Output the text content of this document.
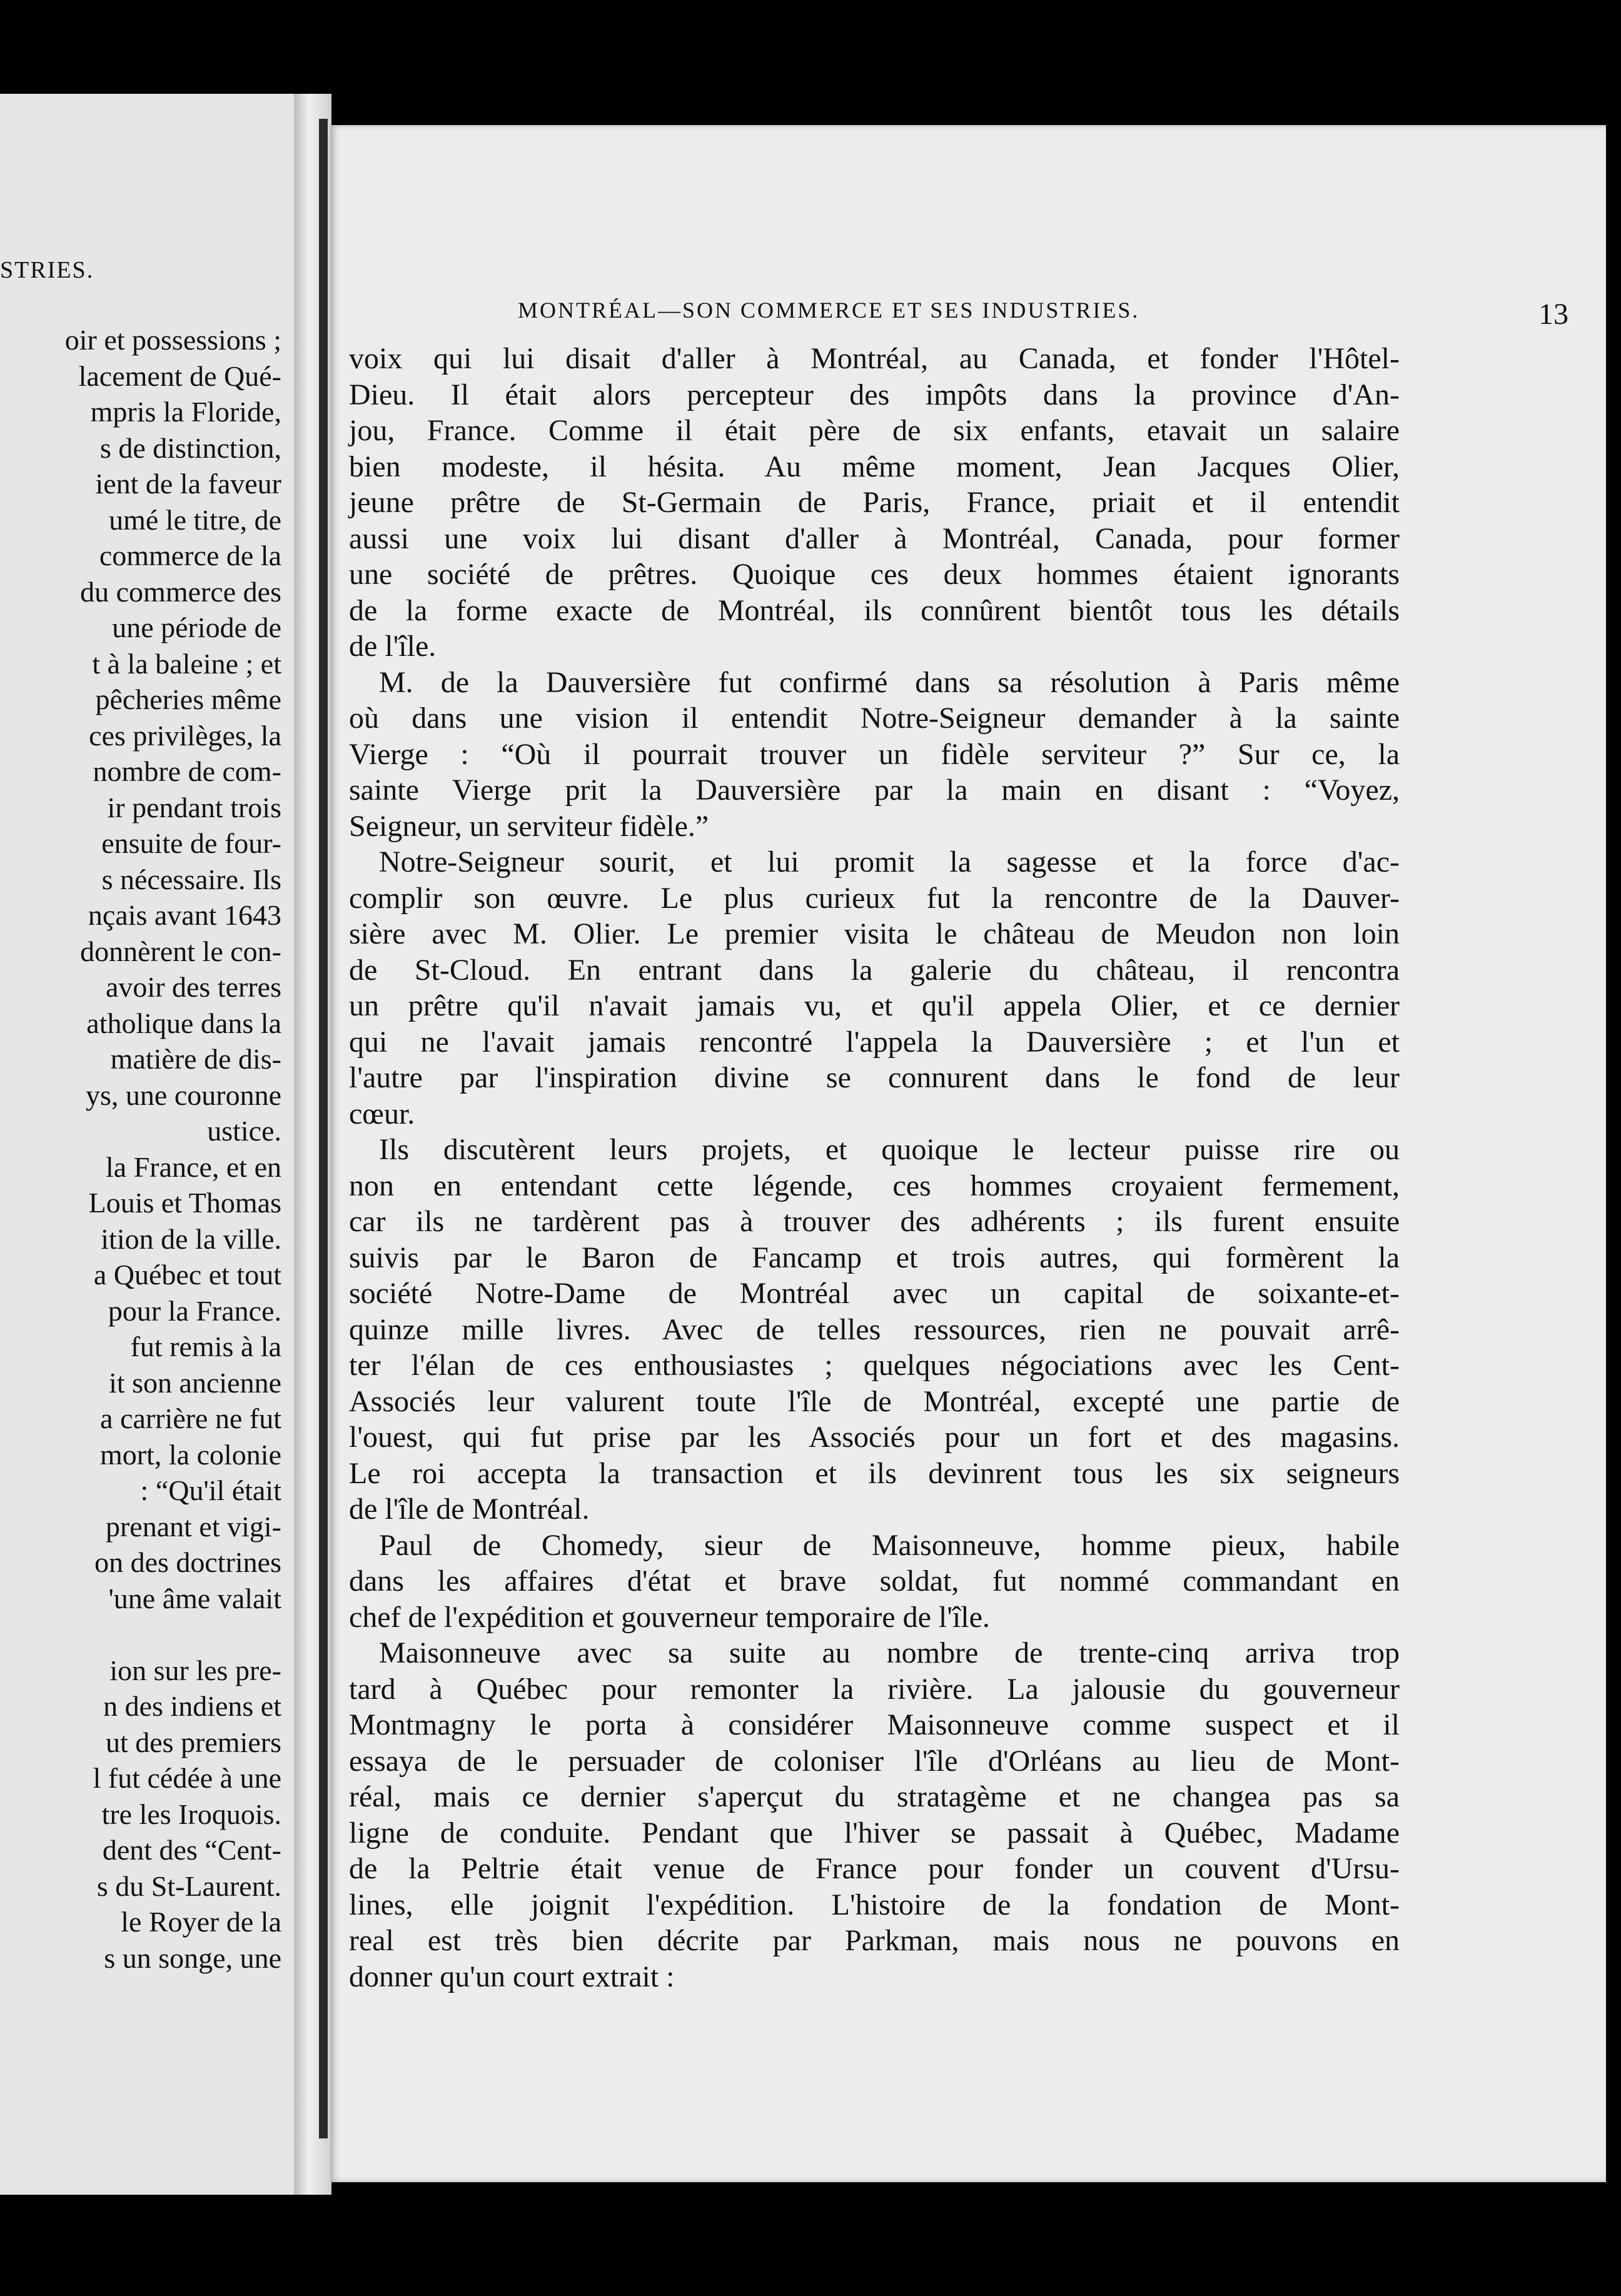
STRIES.
oir et possessions ;
lacement de Qué-
mpris la Floride,
s de distinction,
ient de la faveur
umé le titre, de
commerce de la
du commerce des
une période de
t à la baleine ; et
pêcheries même
ces privilèges, la
nombre de com-
ir pendant trois
ensuite de four-
s nécessaire. Ils
nçais avant 1643
donnèrent le con-
avoir des terres
atholique dans la
matière de dis-
ys, une couronne
ustice.
la France, et en
Louis et Thomas
ition de la ville.
a Québec et tout
pour la France.
fut remis à la
it son ancienne
a carrière ne fut
mort, la colonie
: “Qu'il était
prenant et vigi-
on des doctrines
'une âme valait
ion sur les pre-
n des indiens et
ut des premiers
l fut cédée à une
tre les Iroquois.
dent des “Cent-
s du St-Laurent.
le Royer de la
s un songe, une
MONTRÉAL—SON COMMERCE ET SES INDUSTRIES.	13
voix qui lui disait d'aller à Montréal, au Canada, et fonder l'Hôtel-
Dieu. Il était alors percepteur des impôts dans la province d'An-
jou, France. Comme il était père de six enfants, etavait un salaire
bien modeste, il hésita. Au même moment, Jean Jacques Olier,
jeune prêtre de St-Germain de Paris, France, priait et il entendit
aussi une voix lui disant d'aller à Montréal, Canada, pour former
une société de prêtres. Quoique ces deux hommes étaient ignorants
de la forme exacte de Montréal, ils connûrent bientôt tous les détails
de l'île.
M. de la Dauversière fut confirmé dans sa résolution à Paris même
où dans une vision il entendit Notre-Seigneur demander à la sainte
Vierge : “Où il pourrait trouver un fidèle serviteur ?” Sur ce, la
sainte Vierge prit la Dauversière par la main en disant : “Voyez,
Seigneur, un serviteur fidèle.”
Notre-Seigneur sourit, et lui promit la sagesse et la force d'ac-
complir son œuvre. Le plus curieux fut la rencontre de la Dauver-
sière avec M. Olier. Le premier visita le château de Meudon non loin
de St-Cloud. En entrant dans la galerie du château, il rencontra
un prêtre qu'il n'avait jamais vu, et qu'il appela Olier, et ce dernier
qui ne l'avait jamais rencontré l'appela la Dauversière ; et l'un et
l'autre par l'inspiration divine se connurent dans le fond de leur
cœur.
Ils discutèrent leurs projets, et quoique le lecteur puisse rire ou
non en entendant cette légende, ces hommes croyaient fermement,
car ils ne tardèrent pas à trouver des adhérents ; ils furent ensuite
suivis par le Baron de Fancamp et trois autres, qui formèrent la
société Notre-Dame de Montréal avec un capital de soixante-et-
quinze mille livres. Avec de telles ressources, rien ne pouvait arrê-
ter l'élan de ces enthousiastes ; quelques négociations avec les Cent-
Associés leur valurent toute l'île de Montréal, excepté une partie de
l'ouest, qui fut prise par les Associés pour un fort et des magasins.
Le roi accepta la transaction et ils devinrent tous les six seigneurs
de l'île de Montréal.
Paul de Chomedy, sieur de Maisonneuve, homme pieux, habile
dans les affaires d'état et brave soldat, fut nommé commandant en
chef de l'expédition et gouverneur temporaire de l'île.
Maisonneuve avec sa suite au nombre de trente-cinq arriva trop
tard à Québec pour remonter la rivière. La jalousie du gouverneur
Montmagny le porta à considérer Maisonneuve comme suspect et il
essaya de le persuader de coloniser l'île d'Orléans au lieu de Mont-
réal, mais ce dernier s'aperçut du stratagème et ne changea pas sa
ligne de conduite. Pendant que l'hiver se passait à Québec, Madame
de la Peltrie était venue de France pour fonder un couvent d'Ursu-
lines, elle joignit l'expédition. L'histoire de la fondation de Mont-
real est très bien décrite par Parkman, mais nous ne pouvons en
donner qu'un court extrait :
